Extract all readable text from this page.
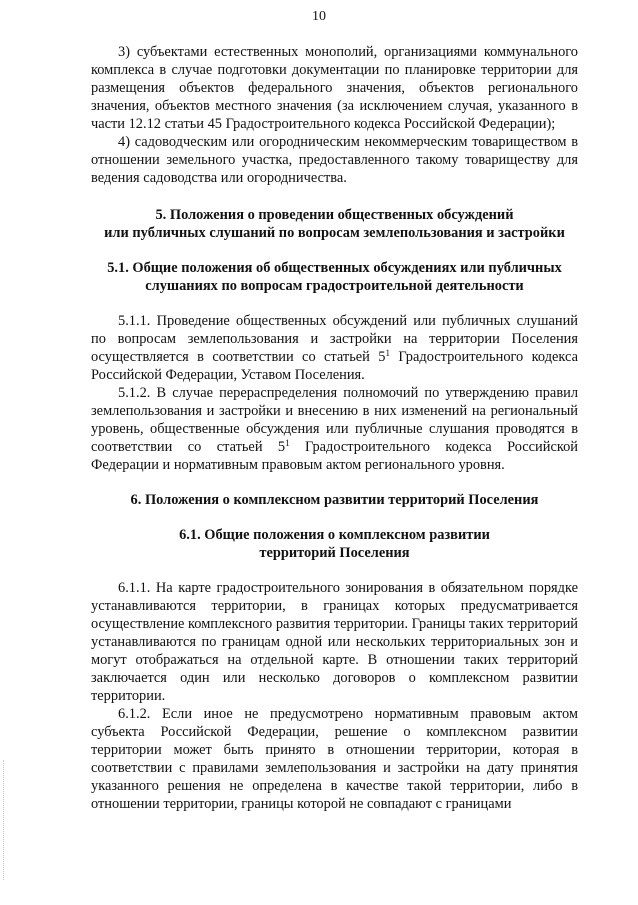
10

3) субъектами естественных монополий, организациями коммунального комплекса в случае подготовки документации по планировке территории для размещения объектов федерального значения, объектов регионального значения, объектов местного значения (за исключением случая, указанного в части 12.12 статьи 45 Градостроительного кодекса Российской Федерации);

4) садоводческим или огородническим некоммерческим товариществом в отношении земельного участка, предоставленного такому товариществу для ведения садоводства или огородничества.

5. Положения о проведении общественных обсуждений
или публичных слушаний по вопросам землепользования и застройки

5.1. Общие положения об общественных обсуждениях или публичных
слушаниях по вопросам градостроительной деятельности

5.1.1. Проведение общественных обсуждений или публичных слушаний по вопросам землепользования и застройки на территории Поселения осуществляется в соответствии со статьей $5^1$ Градостроительного кодекса Российской Федерации, Уставом Поселения.

5.1.2. В случае перераспределения полномочий по утверждению правил землепользования и застройки и внесению в них изменений на региональный уровень, общественные обсуждения или публичные слушания проводятся в соответствии со статьей $5^1$ Градостроительного кодекса Российской Федерации и нормативным правовым актом регионального уровня.

6. Положения о комплексном развитии территорий Поселения

6.1. Общие положения о комплексном развитии
территорий Поселения

6.1.1. На карте градостроительного зонирования в обязательном порядке устанавливаются территории, в границах которых предусматривается осуществление комплексного развития территории. Границы таких территорий устанавливаются по границам одной или нескольких территориальных зон и могут отображаться на отдельной карте. В отношении таких территорий заключается один или несколько договоров о комплексном развитии территории.

6.1.2. Если иное не предусмотрено нормативным правовым актом субъекта Российской Федерации, решение о комплексном развитии территории может быть принято в отношении территории, которая в соответствии с правилами землепользования и застройки на дату принятия указанного решения не определена в качестве такой территории, либо в отношении территории, границы которой не совпадают с границами
